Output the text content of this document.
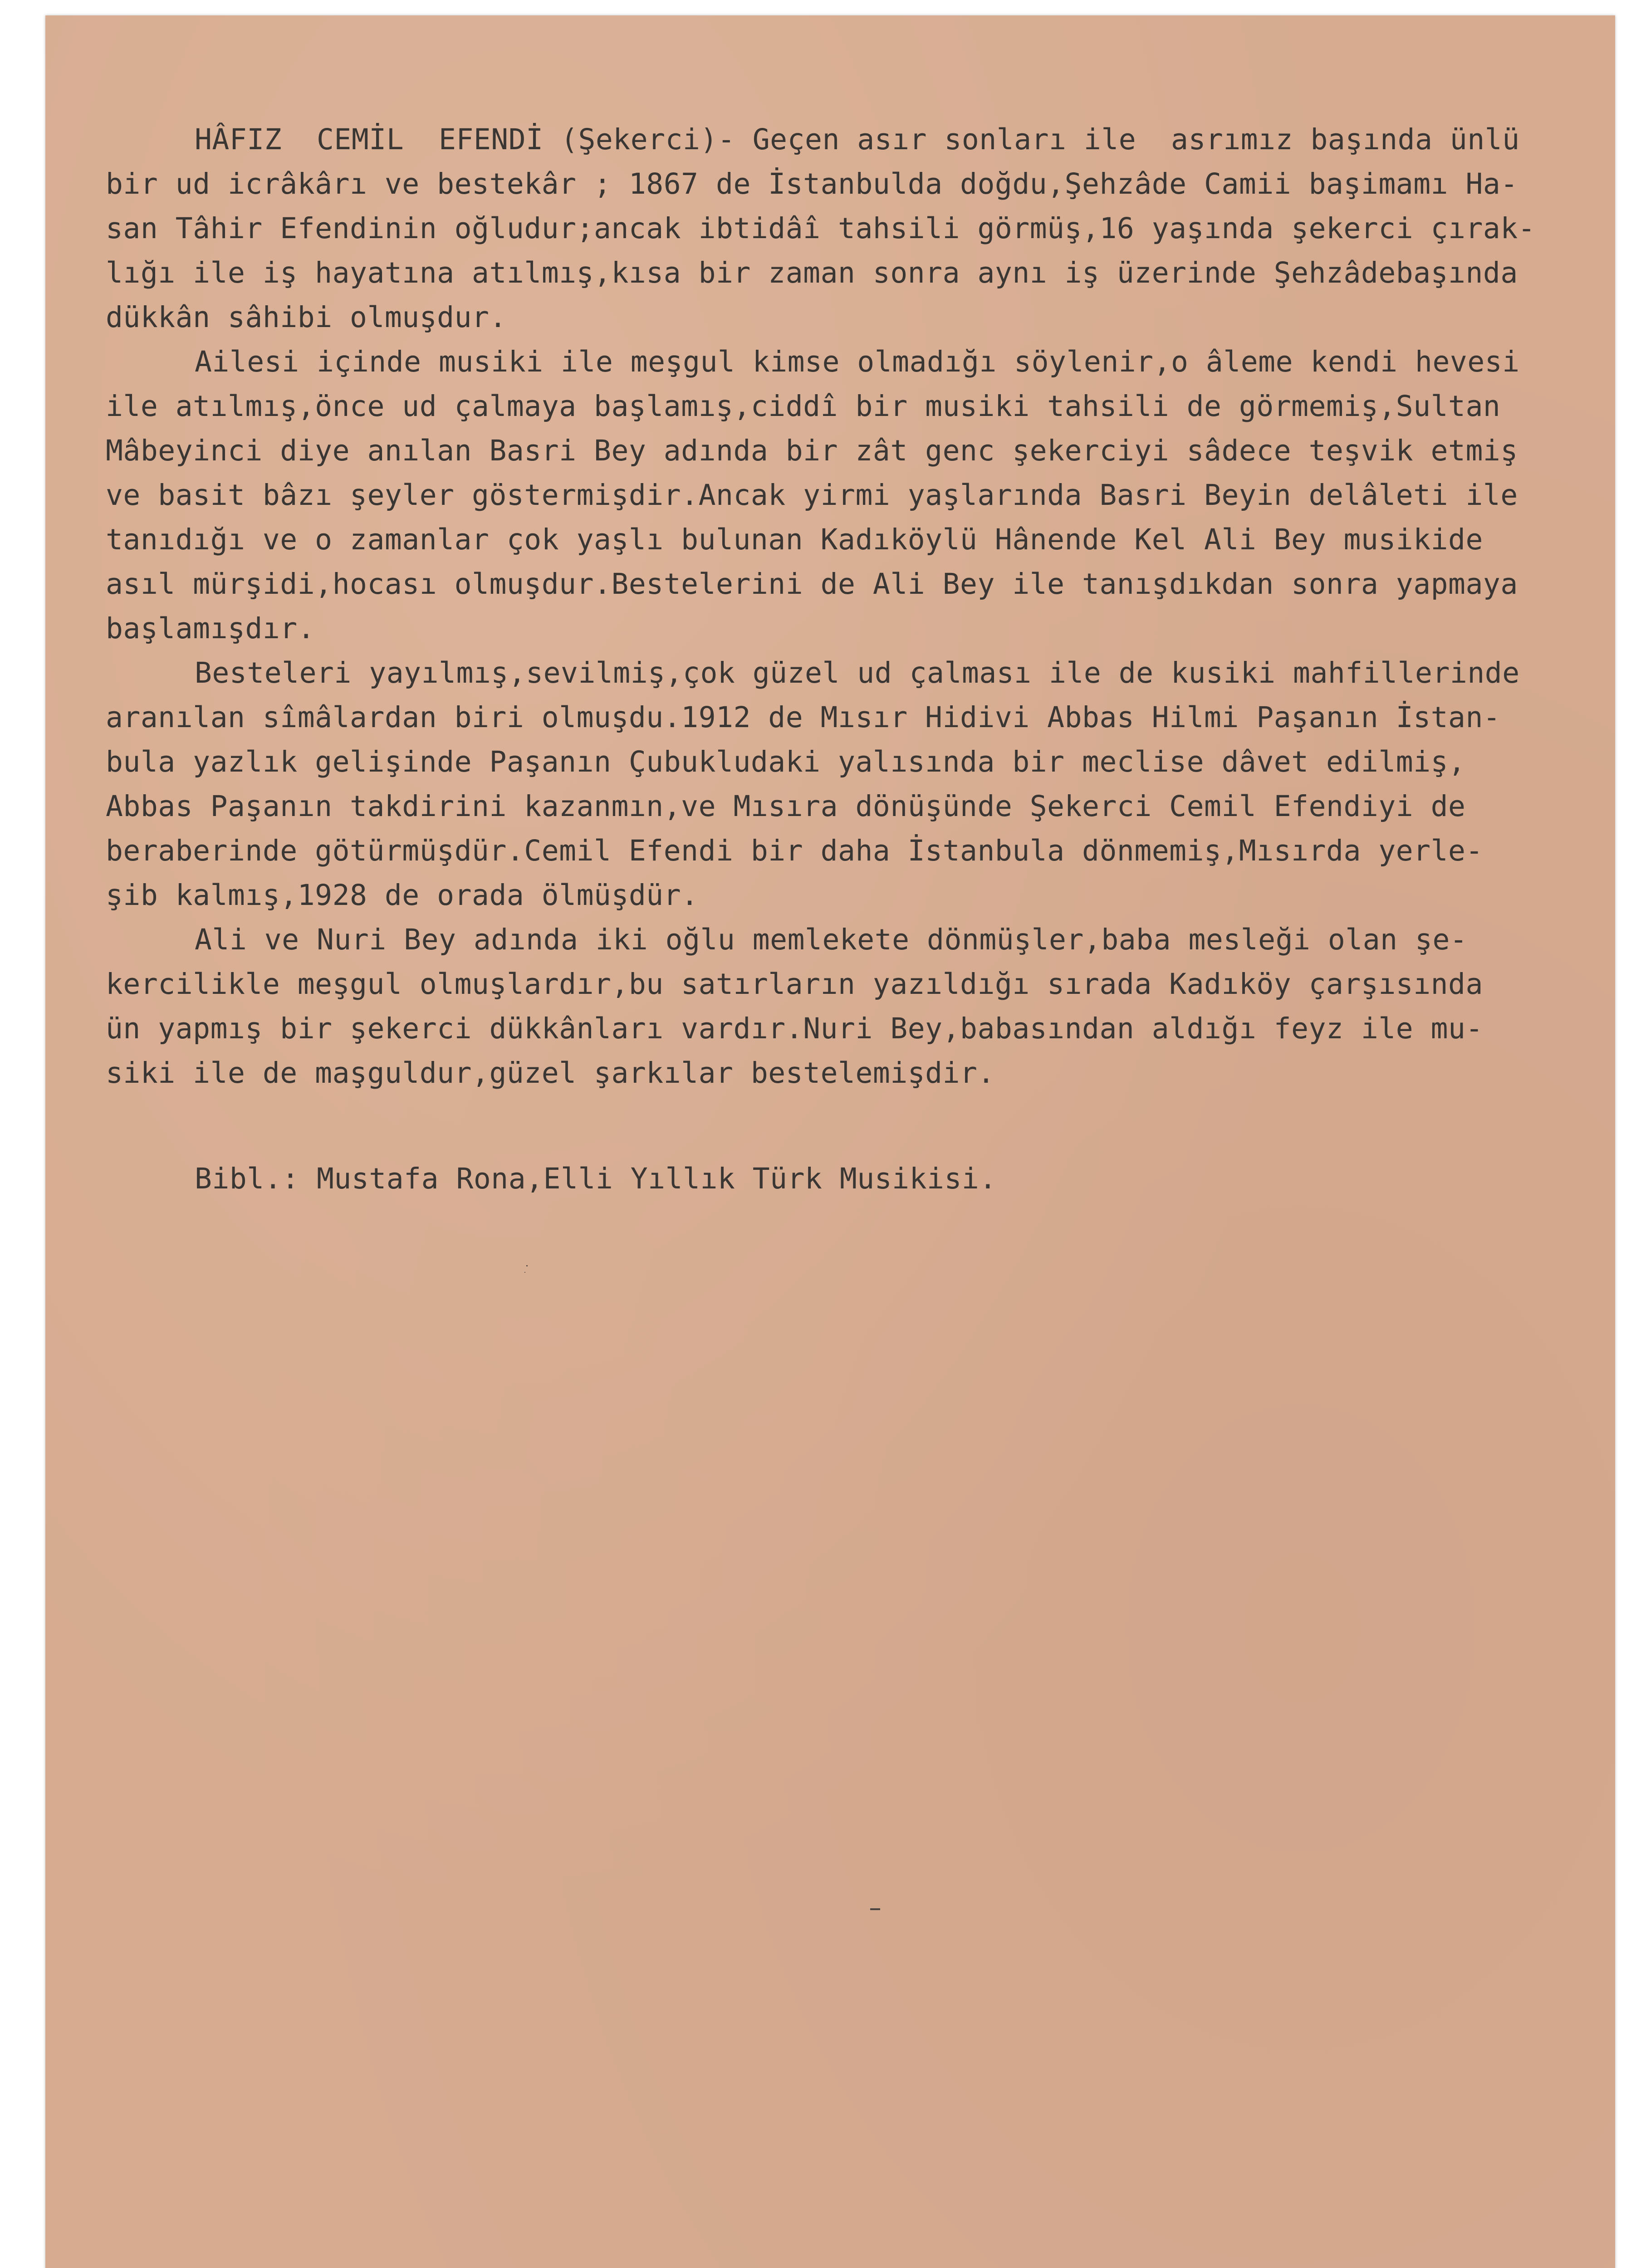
HÂFIZ  CEMİL  EFENDİ (Şekerci)- Geçen asır sonları ile  asrımız başında ünlü
bir ud icrâkârı ve bestekâr ; 1867 de İstanbulda doğdu,Şehzâde Camii başimamı Ha-
san Tâhir Efendinin oğludur;ancak ibtidâî tahsili görmüş,16 yaşında şekerci çırak-
lığı ile iş hayatına atılmış,kısa bir zaman sonra aynı iş üzerinde Şehzâdebaşında
dükkân sâhibi olmuşdur.
Ailesi içinde musiki ile meşgul kimse olmadığı söylenir,o âleme kendi hevesi
ile atılmış,önce ud çalmaya başlamış,ciddî bir musiki tahsili de görmemiş,Sultan
Mâbeyinci diye anılan Basri Bey adında bir zât genc şekerciyi sâdece teşvik etmiş
ve basit bâzı şeyler göstermişdir.Ancak yirmi yaşlarında Basri Beyin delâleti ile
tanıdığı ve o zamanlar çok yaşlı bulunan Kadıköylü Hânende Kel Ali Bey musikide
asıl mürşidi,hocası olmuşdur.Bestelerini de Ali Bey ile tanışdıkdan sonra yapmaya
başlamışdır.
Besteleri yayılmış,sevilmiş,çok güzel ud çalması ile de kusiki mahfillerinde
aranılan sîmâlardan biri olmuşdu.1912 de Mısır Hidivi Abbas Hilmi Paşanın İstan-
bula yazlık gelişinde Paşanın Çubukludaki yalısında bir meclise dâvet edilmiş,
Abbas Paşanın takdirini kazanmın,ve Mısıra dönüşünde Şekerci Cemil Efendiyi de
beraberinde götürmüşdür.Cemil Efendi bir daha İstanbula dönmemiş,Mısırda yerle-
şib kalmış,1928 de orada ölmüşdür.
Ali ve Nuri Bey adında iki oğlu memlekete dönmüşler,baba mesleği olan şe-
kercilikle meşgul olmuşlardır,bu satırların yazıldığı sırada Kadıköy çarşısında
ün yapmış bir şekerci dükkânları vardır.Nuri Bey,babasından aldığı feyz ile mu-
siki ile de maşguldur,güzel şarkılar bestelemişdir.
Bibl.: Mustafa Rona,Elli Yıllık Türk Musikisi.
